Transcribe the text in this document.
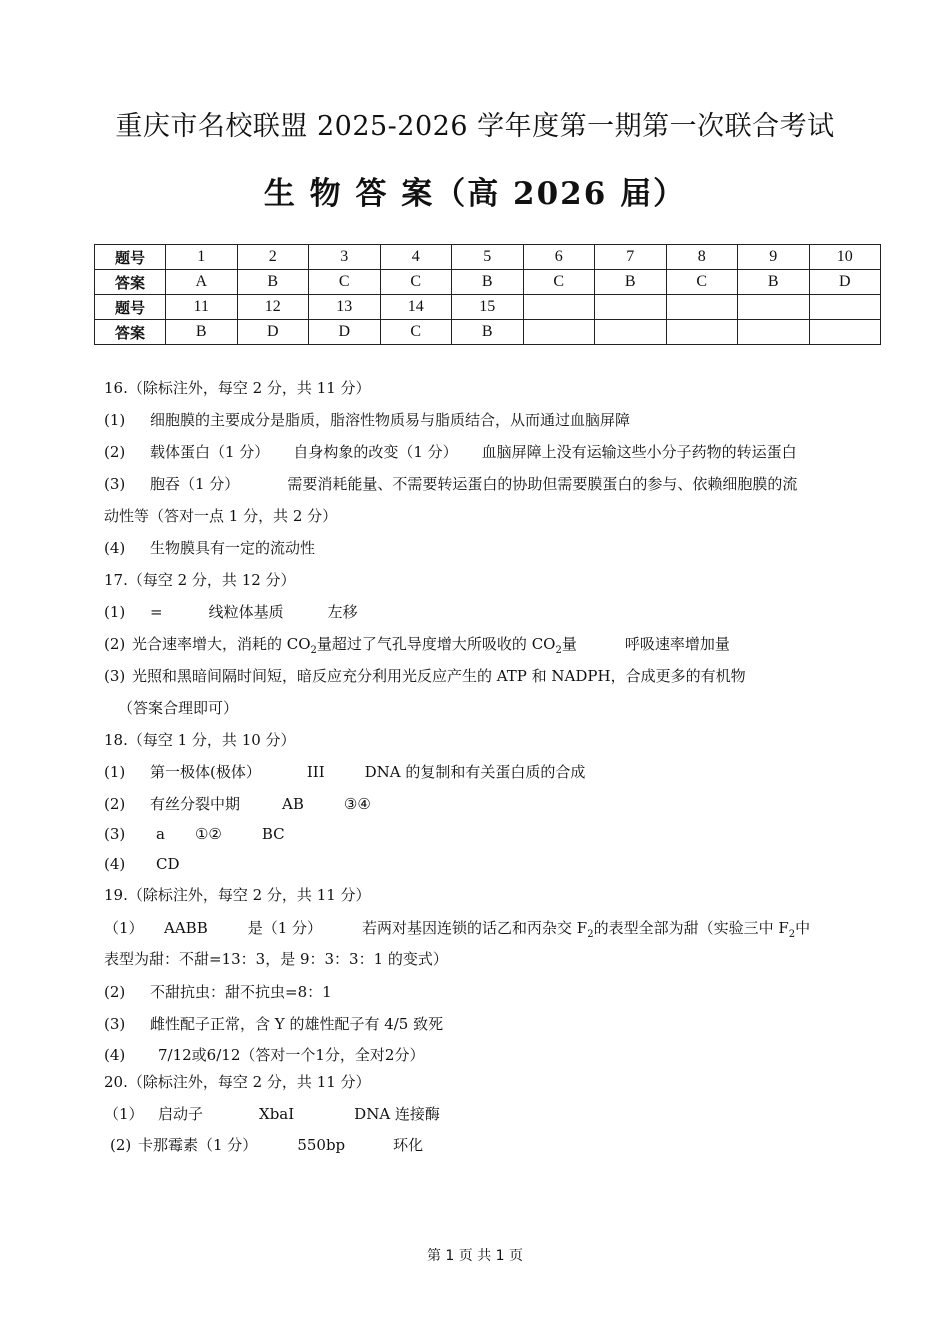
重庆市名校联盟 2025-2026 学年度第一期第一次联合考试
生 物 答 案（高 2026 届）
题号	1	2	3	4	5	6	7	8	9	10
答案	A	B	C	C	B	C	B	C	B	D
题号	11	12	13	14	15					
答案	B	D	D	C	B					
16.（除标注外，每空 2 分，共 11 分）
(1) 细胞膜的主要成分是脂质，脂溶性物质易与脂质结合，从而通过血脑屏障
(2) 载体蛋白（1 分） 自身构象的改变（1 分） 血脑屏障上没有运输这些小分子药物的转运蛋白
(3) 胞吞（1 分）	需要消耗能量、不需要转运蛋白的协助但需要膜蛋白的参与、依赖细胞膜的流
动性等（答对一点 1 分，共 2 分）
(4) 生物膜具有一定的流动性
17.（每空 2 分，共 12 分）
(1) =	线粒体基质	左移
(2) 光合速率增大，消耗的 $CO_2$量超过了气孔导度增大所吸收的 $CO_2$量	呼吸速率增加量
(3) 光照和黑暗间隔时间短，暗反应充分利用光反应产生的 ATP 和 NADPH，合成更多的有机物
（答案合理即可）
18.（每空 1 分，共 10 分）
(1) 第一极体(极体）	III	DNA 的复制和有关蛋白质的合成
(2) 有丝分裂中期	AB	③④
(3) a ①②	BC
(4) CD
19.（除标注外，每空 2 分，共 11 分）
（1） AABB	是（1 分）	若两对基因连锁的话乙和丙杂交 $F_2$的表型全部为甜（实验三中 $F_2$中
表型为甜：不甜=13：3，是 9：3：3：1 的变式）
(2) 不甜抗虫：甜不抗虫=8：1
(3) 雌性配子正常，含 Y 的雄性配子有 4/5 致死
(4) 7/12或6/12（答对一个1分，全对2分）
20.（除标注外，每空 2 分，共 11 分）
（1） 启动子	XbaI	DNA 连接酶
(2) 卡那霉素（1 分）	550bp	环化
第 1 页 共 1 页
